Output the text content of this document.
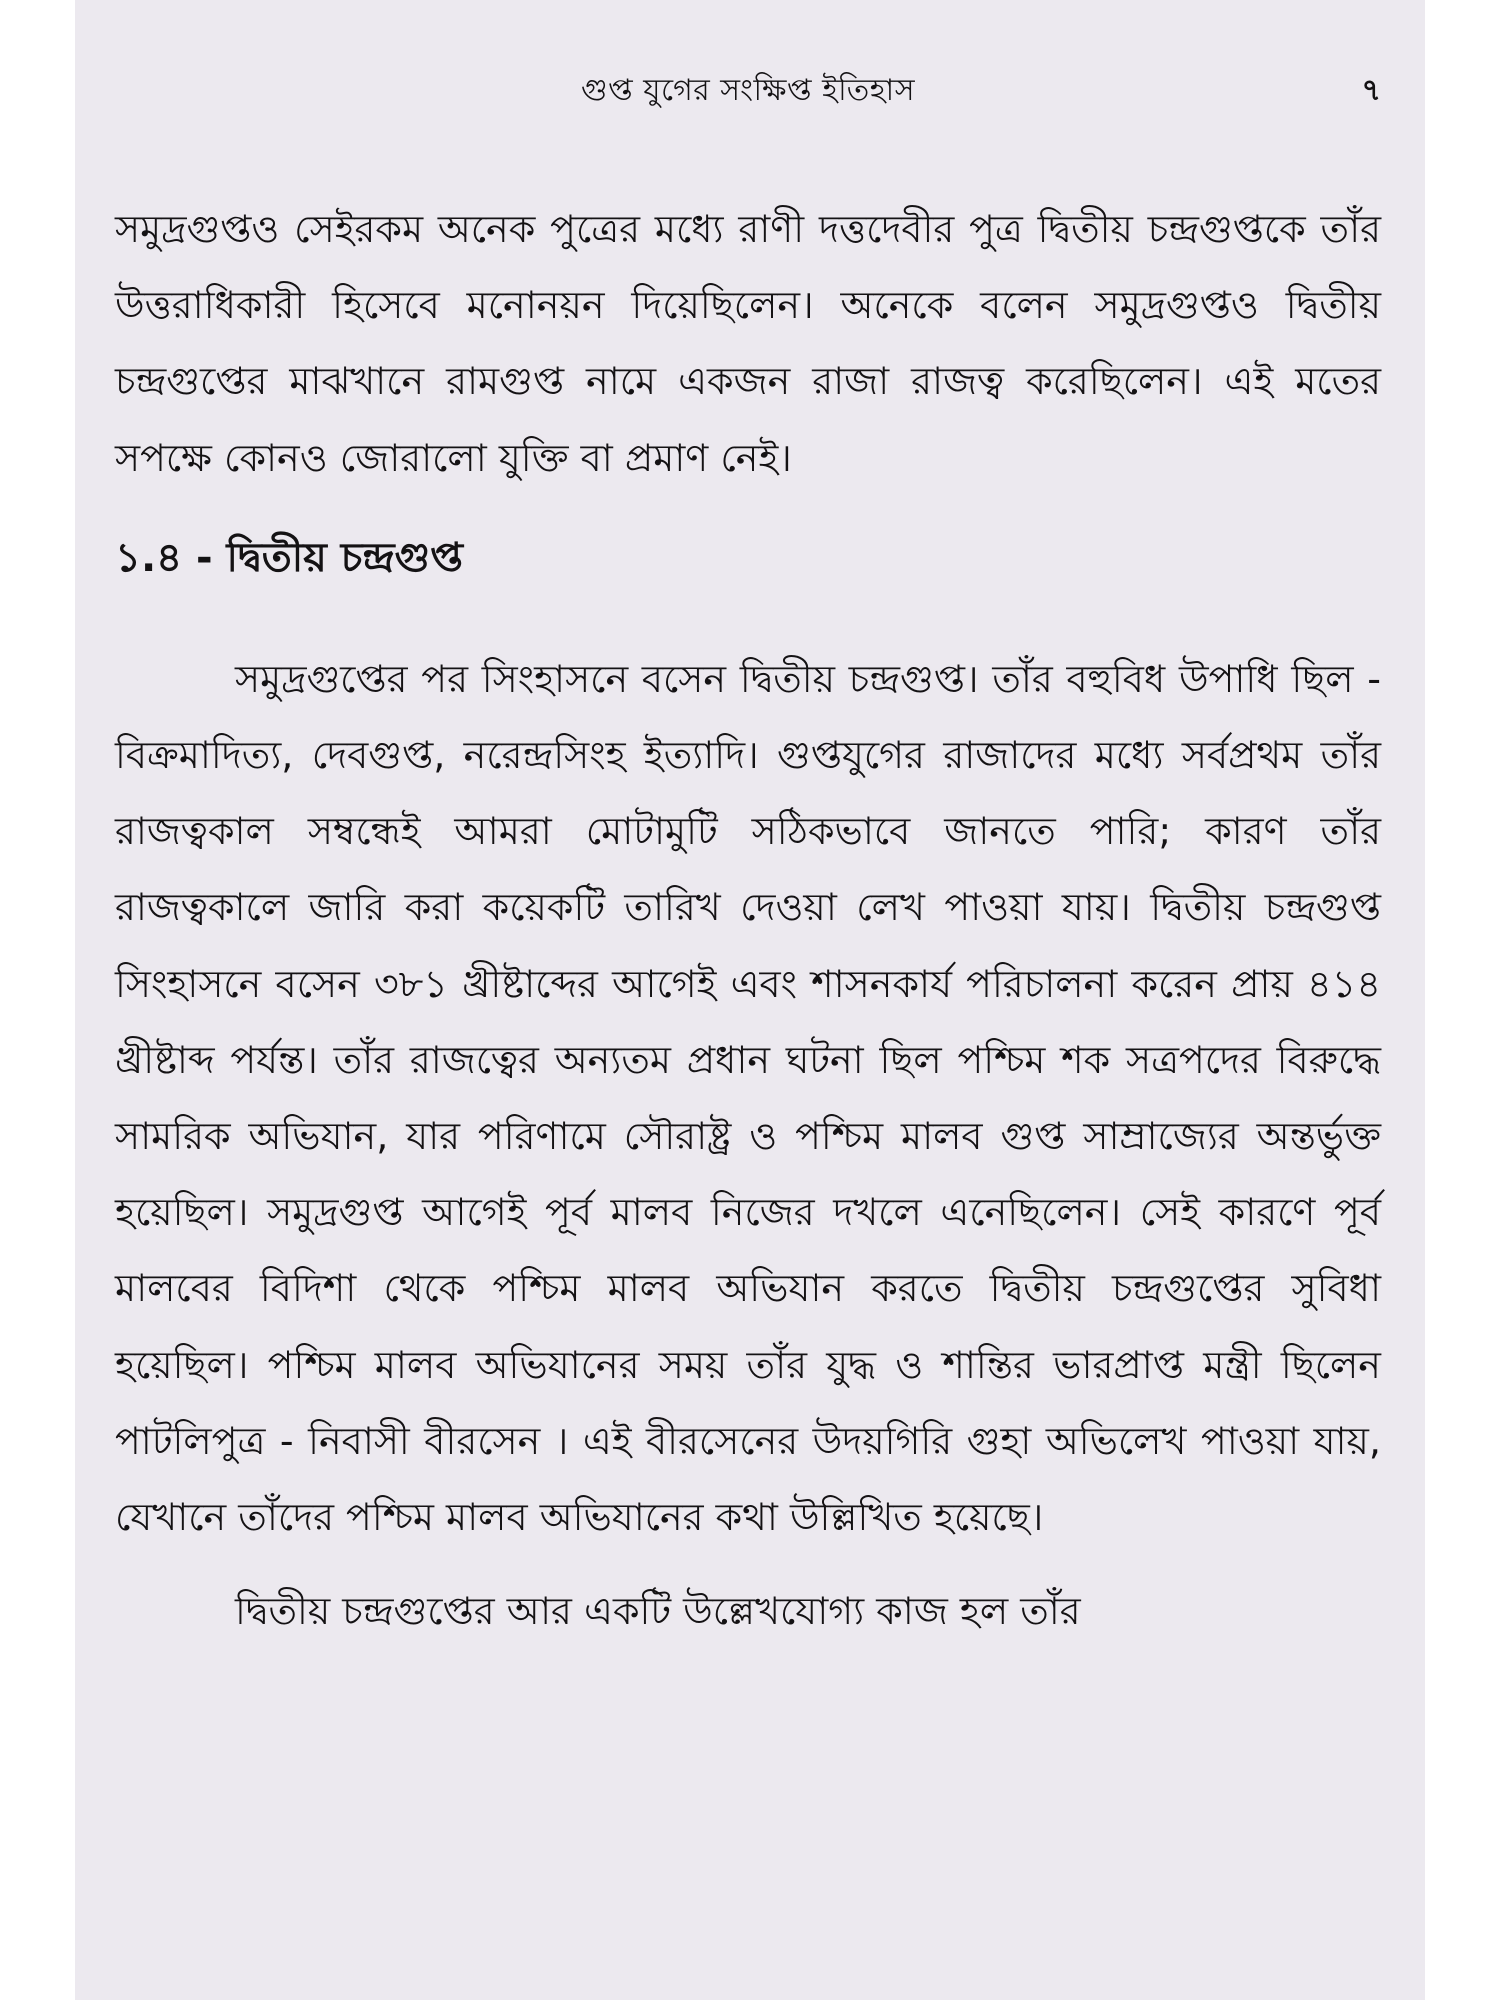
গুপ্ত যুগের সংক্ষিপ্ত ইতিহাস	৭

সমুদ্রগুপ্তও সেইরকম অনেক পুত্রের মধ্যে রাণী দত্তদেবীর পুত্র দ্বিতীয় চন্দ্রগুপ্তকে তাঁর উত্তরাধিকারী হিসেবে মনোনয়ন দিয়েছিলেন। অনেকে বলেন সমুদ্রগুপ্তও দ্বিতীয় চন্দ্রগুপ্তের মাঝখানে রামগুপ্ত নামে একজন রাজা রাজত্ব করেছিলেন। এই মতের সপক্ষে কোনও জোরালো যুক্তি বা প্রমাণ নেই।

১.৪ - দ্বিতীয় চন্দ্রগুপ্ত

সমুদ্রগুপ্তের পর সিংহাসনে বসেন দ্বিতীয় চন্দ্রগুপ্ত। তাঁর বহুবিধ উপাধি ছিল - বিক্রমাদিত্য, দেবগুপ্ত, নরেন্দ্রসিংহ ইত্যাদি। গুপ্তযুগের রাজাদের মধ্যে সর্বপ্রথম তাঁর রাজত্বকাল সম্বন্ধেই আমরা মোটামুটি সঠিকভাবে জানতে পারি; কারণ তাঁর রাজত্বকালে জারি করা কয়েকটি তারিখ দেওয়া লেখ পাওয়া যায়। দ্বিতীয় চন্দ্রগুপ্ত সিংহাসনে বসেন ৩৮১ খ্রীষ্টাব্দের আগেই এবং শাসনকার্য পরিচালনা করেন প্রায় ৪১৪ খ্রীষ্টাব্দ পর্যন্ত। তাঁর রাজত্বের অন্যতম প্রধান ঘটনা ছিল পশ্চিম শক সত্রপদের বিরুদ্ধে সামরিক অভিযান, যার পরিণামে সৌরাষ্ট্র ও পশ্চিম মালব গুপ্ত সাম্রাজ্যের অন্তর্ভুক্ত হয়েছিল। সমুদ্রগুপ্ত আগেই পূর্ব মালব নিজের দখলে এনেছিলেন। সেই কারণে পূর্ব মালবের বিদিশা থেকে পশ্চিম মালব অভিযান করতে দ্বিতীয় চন্দ্রগুপ্তের সুবিধা হয়েছিল। পশ্চিম মালব অভিযানের সময় তাঁর যুদ্ধ ও শান্তির ভারপ্রাপ্ত মন্ত্রী ছিলেন পাটলিপুত্র - নিবাসী বীরসেন । এই বীরসেনের উদয়গিরি গুহা অভিলেখ পাওয়া যায়, যেখানে তাঁদের পশ্চিম মালব অভিযানের কথা উল্লিখিত হয়েছে।

দ্বিতীয় চন্দ্রগুপ্তের আর একটি উল্লেখযোগ্য কাজ হল তাঁর
